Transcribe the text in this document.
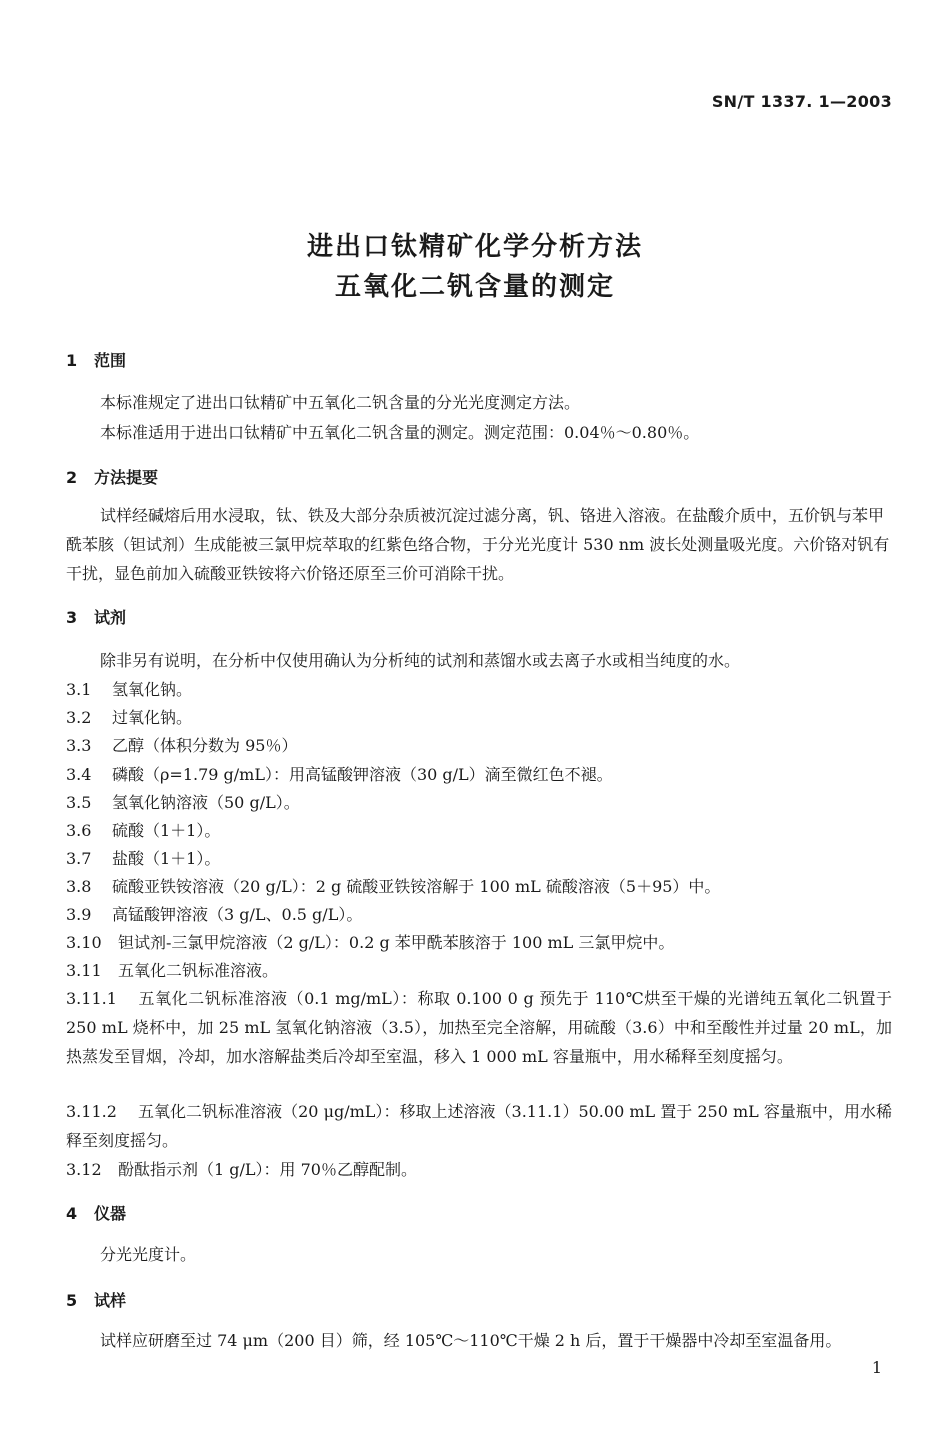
SN/T 1337. 1—2003
进出口钛精矿化学分析方法
五氧化二钒含量的测定
1 范围
本标准规定了进出口钛精矿中五氧化二钒含量的分光光度测定方法。
本标准适用于进出口钛精矿中五氧化二钒含量的测定。测定范围：0.04％～0.80％。
2 方法提要
试样经碱熔后用水浸取，钛、铁及大部分杂质被沉淀过滤分离，钒、铬进入溶液。在盐酸介质中，五价钒与苯甲酰苯胲（钽试剂）生成能被三氯甲烷萃取的红紫色络合物，于分光光度计 530 nm 波长处测量吸光度。六价铬对钒有干扰，显色前加入硫酸亚铁铵将六价铬还原至三价可消除干扰。
3 试剂
除非另有说明，在分析中仅使用确认为分析纯的试剂和蒸馏水或去离子水或相当纯度的水。
3.1 氢氧化钠。
3.2 过氧化钠。
3.3 乙醇（体积分数为 95％）
3.4 磷酸（ρ=1.79 g/mL）：用高锰酸钾溶液（30 g/L）滴至微红色不褪。
3.5 氢氧化钠溶液（50 g/L）。
3.6 硫酸（1＋1）。
3.7 盐酸（1＋1）。
3.8 硫酸亚铁铵溶液（20 g/L）：2 g 硫酸亚铁铵溶解于 100 mL 硫酸溶液（5＋95）中。
3.9 高锰酸钾溶液（3 g/L、0.5 g/L）。
3.10 钽试剂-三氯甲烷溶液（2 g/L）：0.2 g 苯甲酰苯胲溶于 100 mL 三氯甲烷中。
3.11 五氧化二钒标准溶液。
3.11.1 五氧化二钒标准溶液（0.1 mg/mL）：称取 0.100 0 g 预先于 110℃烘至干燥的光谱纯五氧化二钒置于 250 mL 烧杯中，加 25 mL 氢氧化钠溶液（3.5），加热至完全溶解，用硫酸（3.6）中和至酸性并过量 20 mL，加热蒸发至冒烟，冷却，加水溶解盐类后冷却至室温，移入 1 000 mL 容量瓶中，用水稀释至刻度摇匀。
3.11.2 五氧化二钒标准溶液（20 μg/mL）：移取上述溶液（3.11.1）50.00 mL 置于 250 mL 容量瓶中，用水稀释至刻度摇匀。
3.12 酚酞指示剂（1 g/L）：用 70％乙醇配制。
4 仪器
分光光度计。
5 试样
试样应研磨至过 74 μm（200 目）筛，经 105℃～110℃干燥 2 h 后，置于干燥器中冷却至室温备用。
1
